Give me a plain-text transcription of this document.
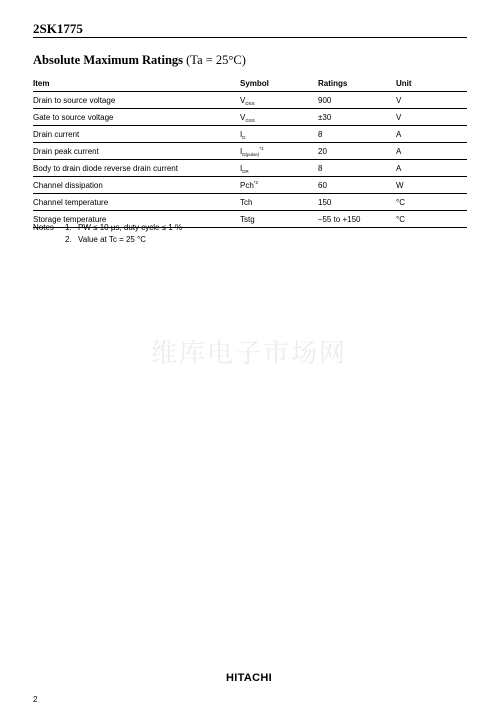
2SK1775
Absolute Maximum Ratings (Ta = 25°C)
Item	Symbol	Ratings	Unit
Drain to source voltage	$V_{DSS}$	900	V
Gate to source voltage	$V_{GSS}$	±30	V
Drain current	$I_D$	8	A
Drain peak current	$I_{D(pulse)}^{*1}$	20	A
Body to drain diode reverse drain current	$I_{DR}$	8	A
Channel dissipation	Pch$^{*2}$	60	W
Channel temperature	Tch	150	°C
Storage temperature	Tstg	–55 to +150	°C
Notes	1. PW ≤ 10 µs, duty cycle ≤ 1 %
2. Value at Tc = 25 °C
维库电子市场网
HITACHI
2
